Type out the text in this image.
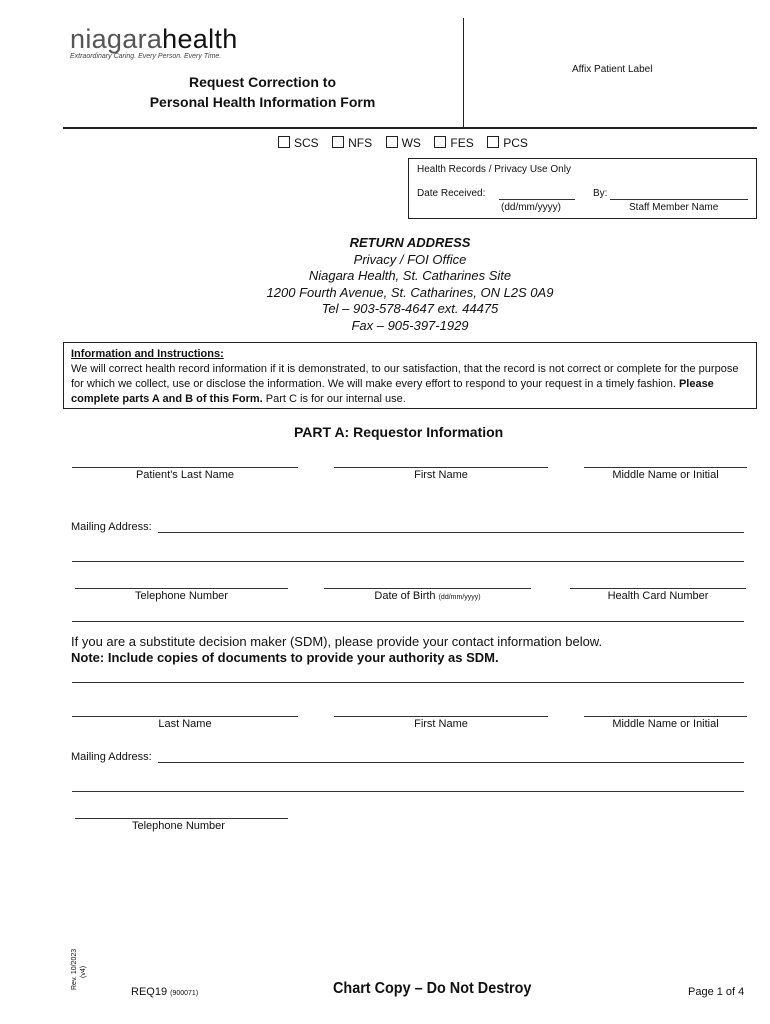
niagarahealth
Extraordinary Caring. Every Person. Every Time.
Request Correction to
Personal Health Information Form
Affix Patient Label
SCS NFS WS FES PCS
Health Records / Privacy Use Only
Date Received:
(dd/mm/yyyy)
By:
Staff Member Name
RETURN ADDRESS
Privacy / FOI Office
Niagara Health, St. Catharines Site
1200 Fourth Avenue, St. Catharines, ON L2S 0A9
Tel – 903-578-4647 ext. 44475
Fax – 905-397-1929
Information and Instructions:
We will correct health record information if it is demonstrated, to our satisfaction, that the record is not correct or complete for the purpose for which we collect, use or disclose the information. We will make every effort to respond to your request in a timely fashion. Please complete parts A and B of this Form. Part C is for our internal use.
PART A: Requestor Information
Patient's Last Name	First Name	Middle Name or Initial
Mailing Address:
Telephone Number	Date of Birth (dd/mm/yyyy)	Health Card Number
If you are a substitute decision maker (SDM), please provide your contact information below.
Note: Include copies of documents to provide your authority as SDM.
Last Name	First Name	Middle Name or Initial
Mailing Address:
Telephone Number
Rev. 10/2023 (v4)
REQ19 (900071)	Chart Copy – Do Not Destroy	Page 1 of 4
